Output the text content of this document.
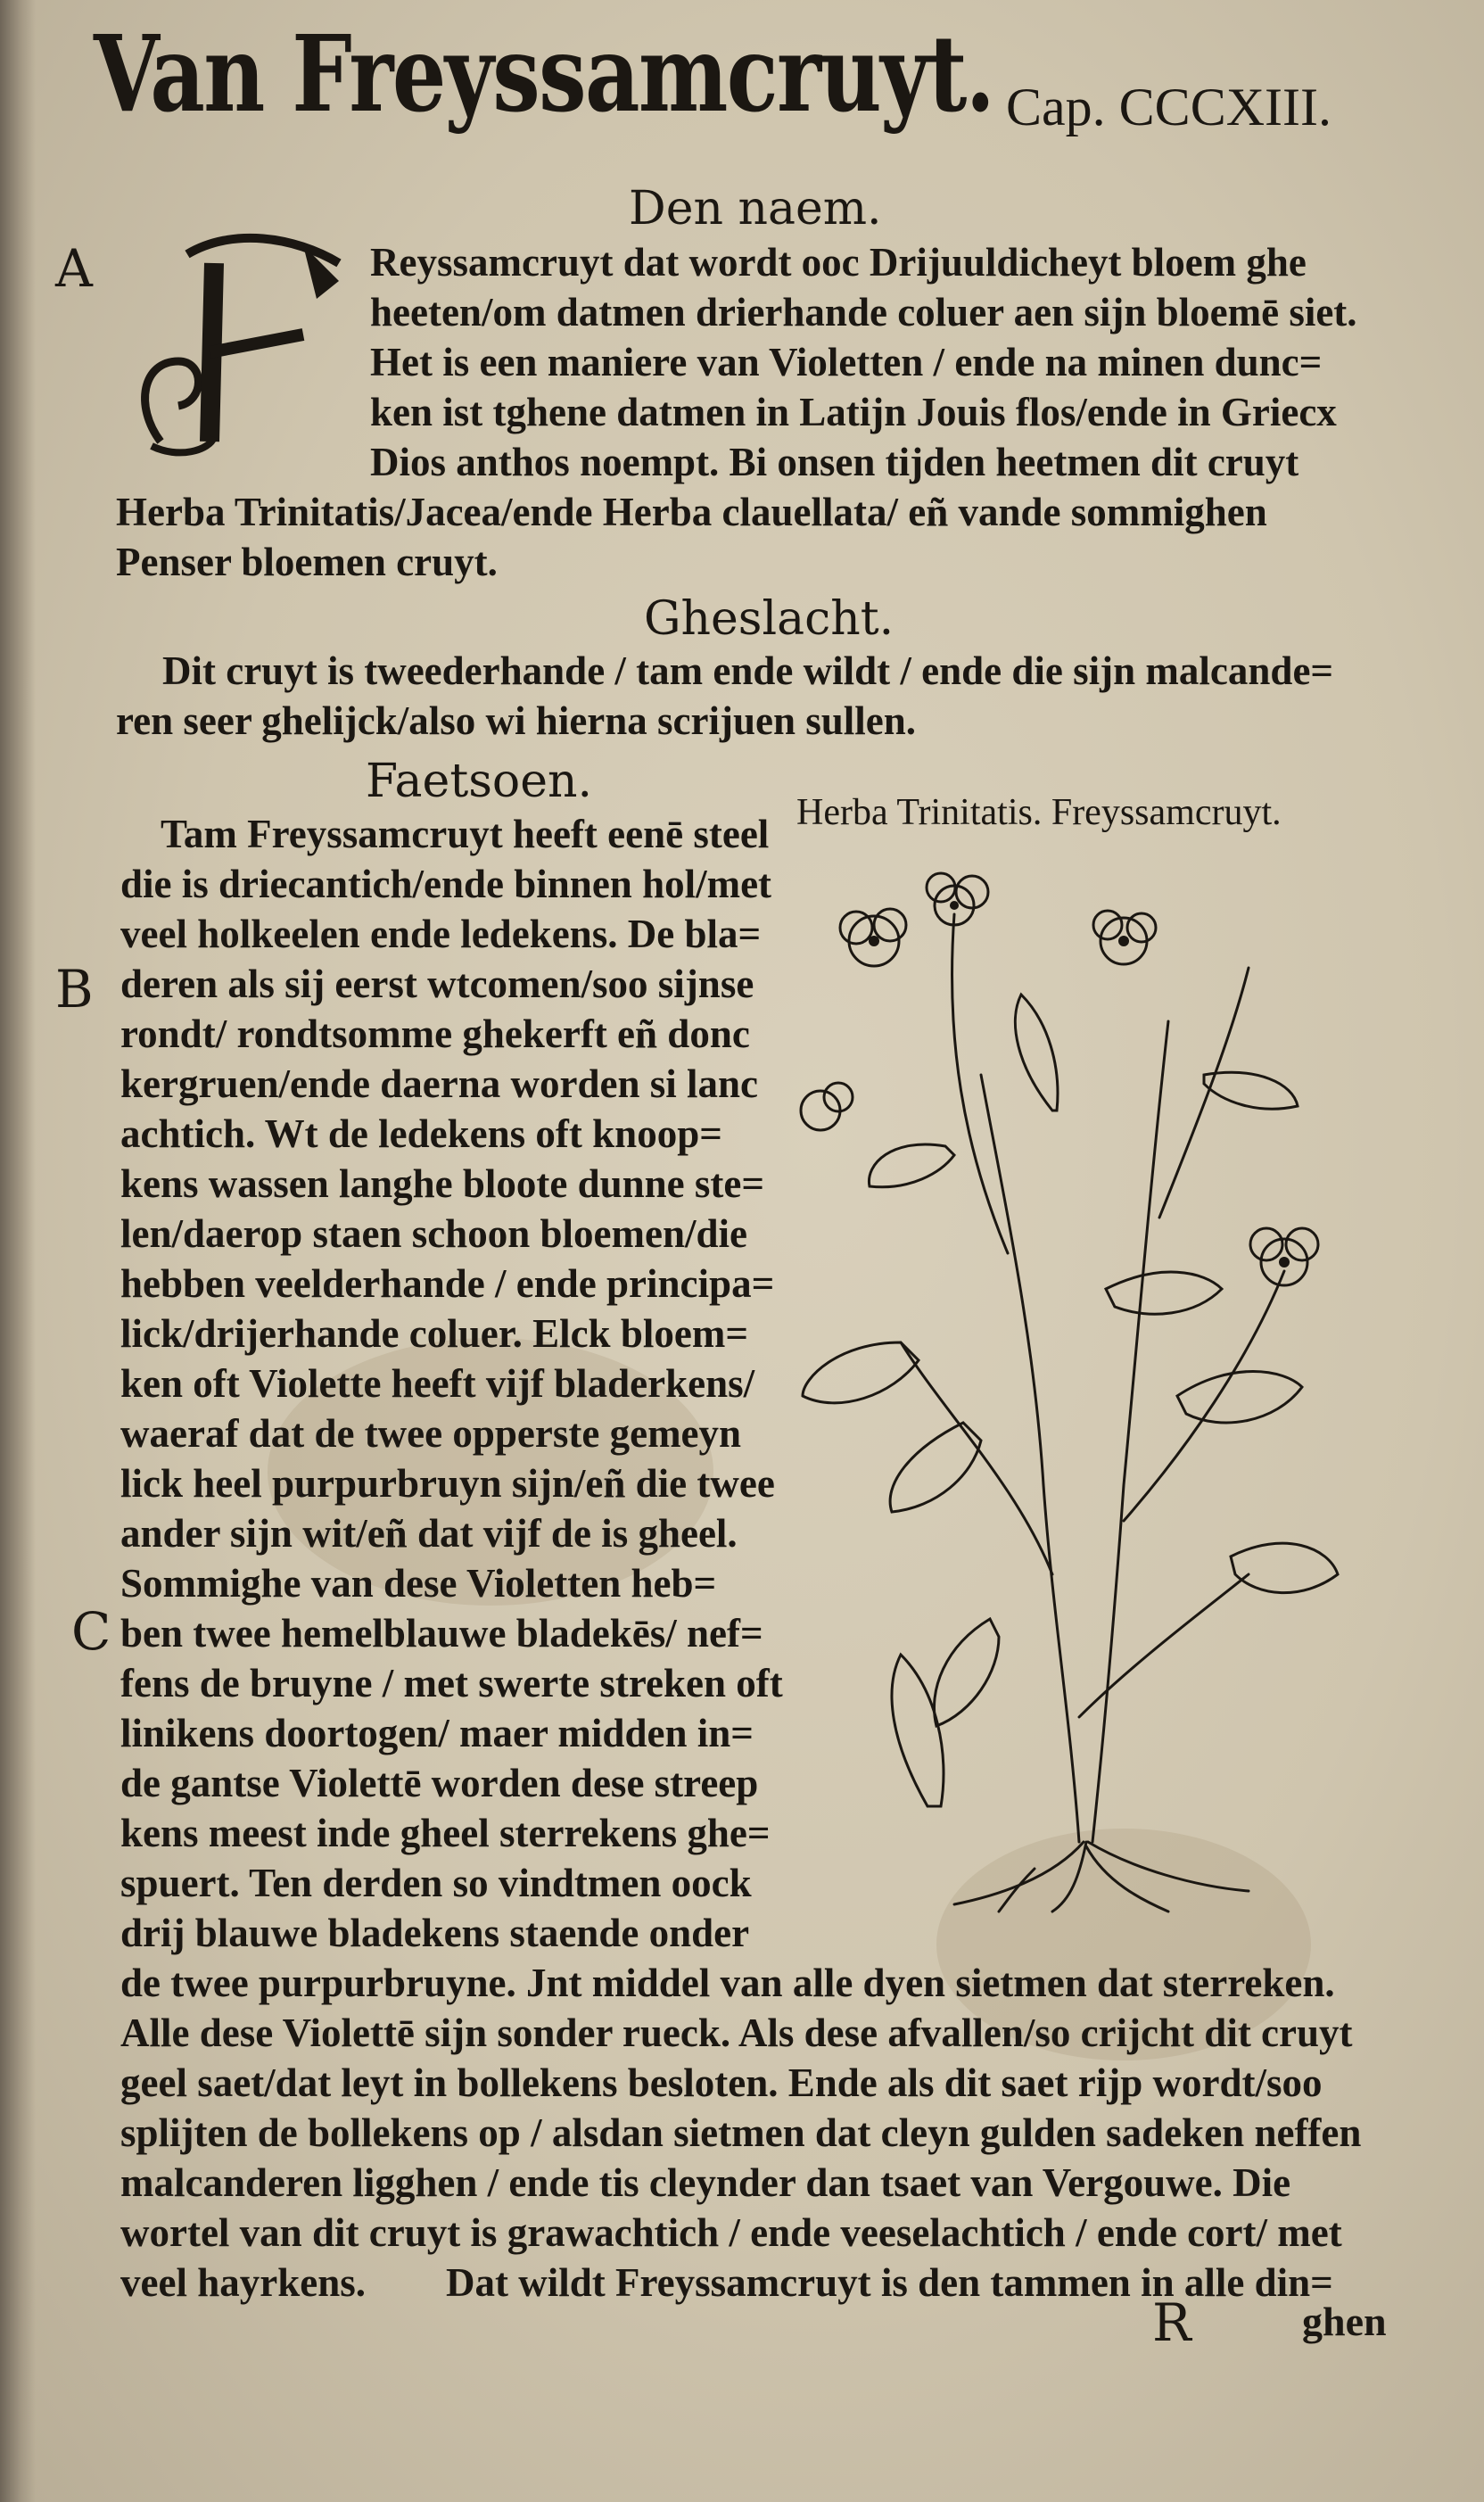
Van Freyssamcruyt. Cap. CCCXIII.
Den naem.
A	Reyssamcruyt dat wordt ooc Drijuuldicheyt bloem ghe
heeten/om datmen drierhande coluer aen sijn bloemē siet.
Het is een maniere van Violetten / ende na minen dunc=
ken ist tghene datmen in Latijn Jouis flos/ende in Griecx
Dios anthos noempt. Bi onsen tijden heetmen dit cruyt
Herba Trinitatis/Jacea/ende Herba clauellata/ eñ vande sommighen
Penser bloemen cruyt.
Gheslacht.
Dit cruyt is tweederhande / tam ende wildt / ende die sijn malcande=
ren seer ghelijck/also wi hierna scrijuen sullen.
Faetsoen.
Herba Trinitatis. Freyssamcruyt.
B
C
Tam Freyssamcruyt heeft eenē steel
die is driecantich/ende binnen hol/met
veel holkeelen ende ledekens. De bla=
deren als sij eerst wtcomen/soo sijnse
rondt/ rondtsomme ghekerft eñ donc
kergruen/ende daerna worden si lanc
achtich. Wt de ledekens oft knoop=
kens wassen langhe bloote dunne ste=
len/daerop staen schoon bloemen/die
hebben veelderhande / ende principa=
lick/drijerhande coluer. Elck bloem=
ken oft Violette heeft vijf bladerkens/
waeraf dat de twee opperste gemeyn
lick heel purpurbruyn sijn/eñ die twee
ander sijn wit/eñ dat vijf de is gheel.
Sommighe van dese Violetten heb=
ben twee hemelblauwe bladekēs/ nef=
fens de bruyne / met swerte streken oft
linikens doortogen/ maer midden in=
de gantse Violettē worden dese streep
kens meest inde gheel sterrekens ghe=
spuert. Ten derden so vindtmen oock
drij blauwe bladekens staende onder
de twee purpurbruyne. Jnt middel van alle dyen sietmen dat sterreken.
Alle dese Violettē sijn sonder rueck. Als dese afvallen/so crijcht dit cruyt
geel saet/dat leyt in bollekens besloten. Ende als dit saet rijp wordt/soo
splijten de bollekens op / alsdan sietmen dat cleyn gulden sadeken neffen
malcanderen ligghen / ende tis cleynder dan tsaet van Vergouwe. Die
wortel van dit cruyt is grawachtich / ende veeselachtich / ende cort/ met
veel hayrkens. Dat wildt Freyssamcruyt is den tammen in alle din=
R	ghen
